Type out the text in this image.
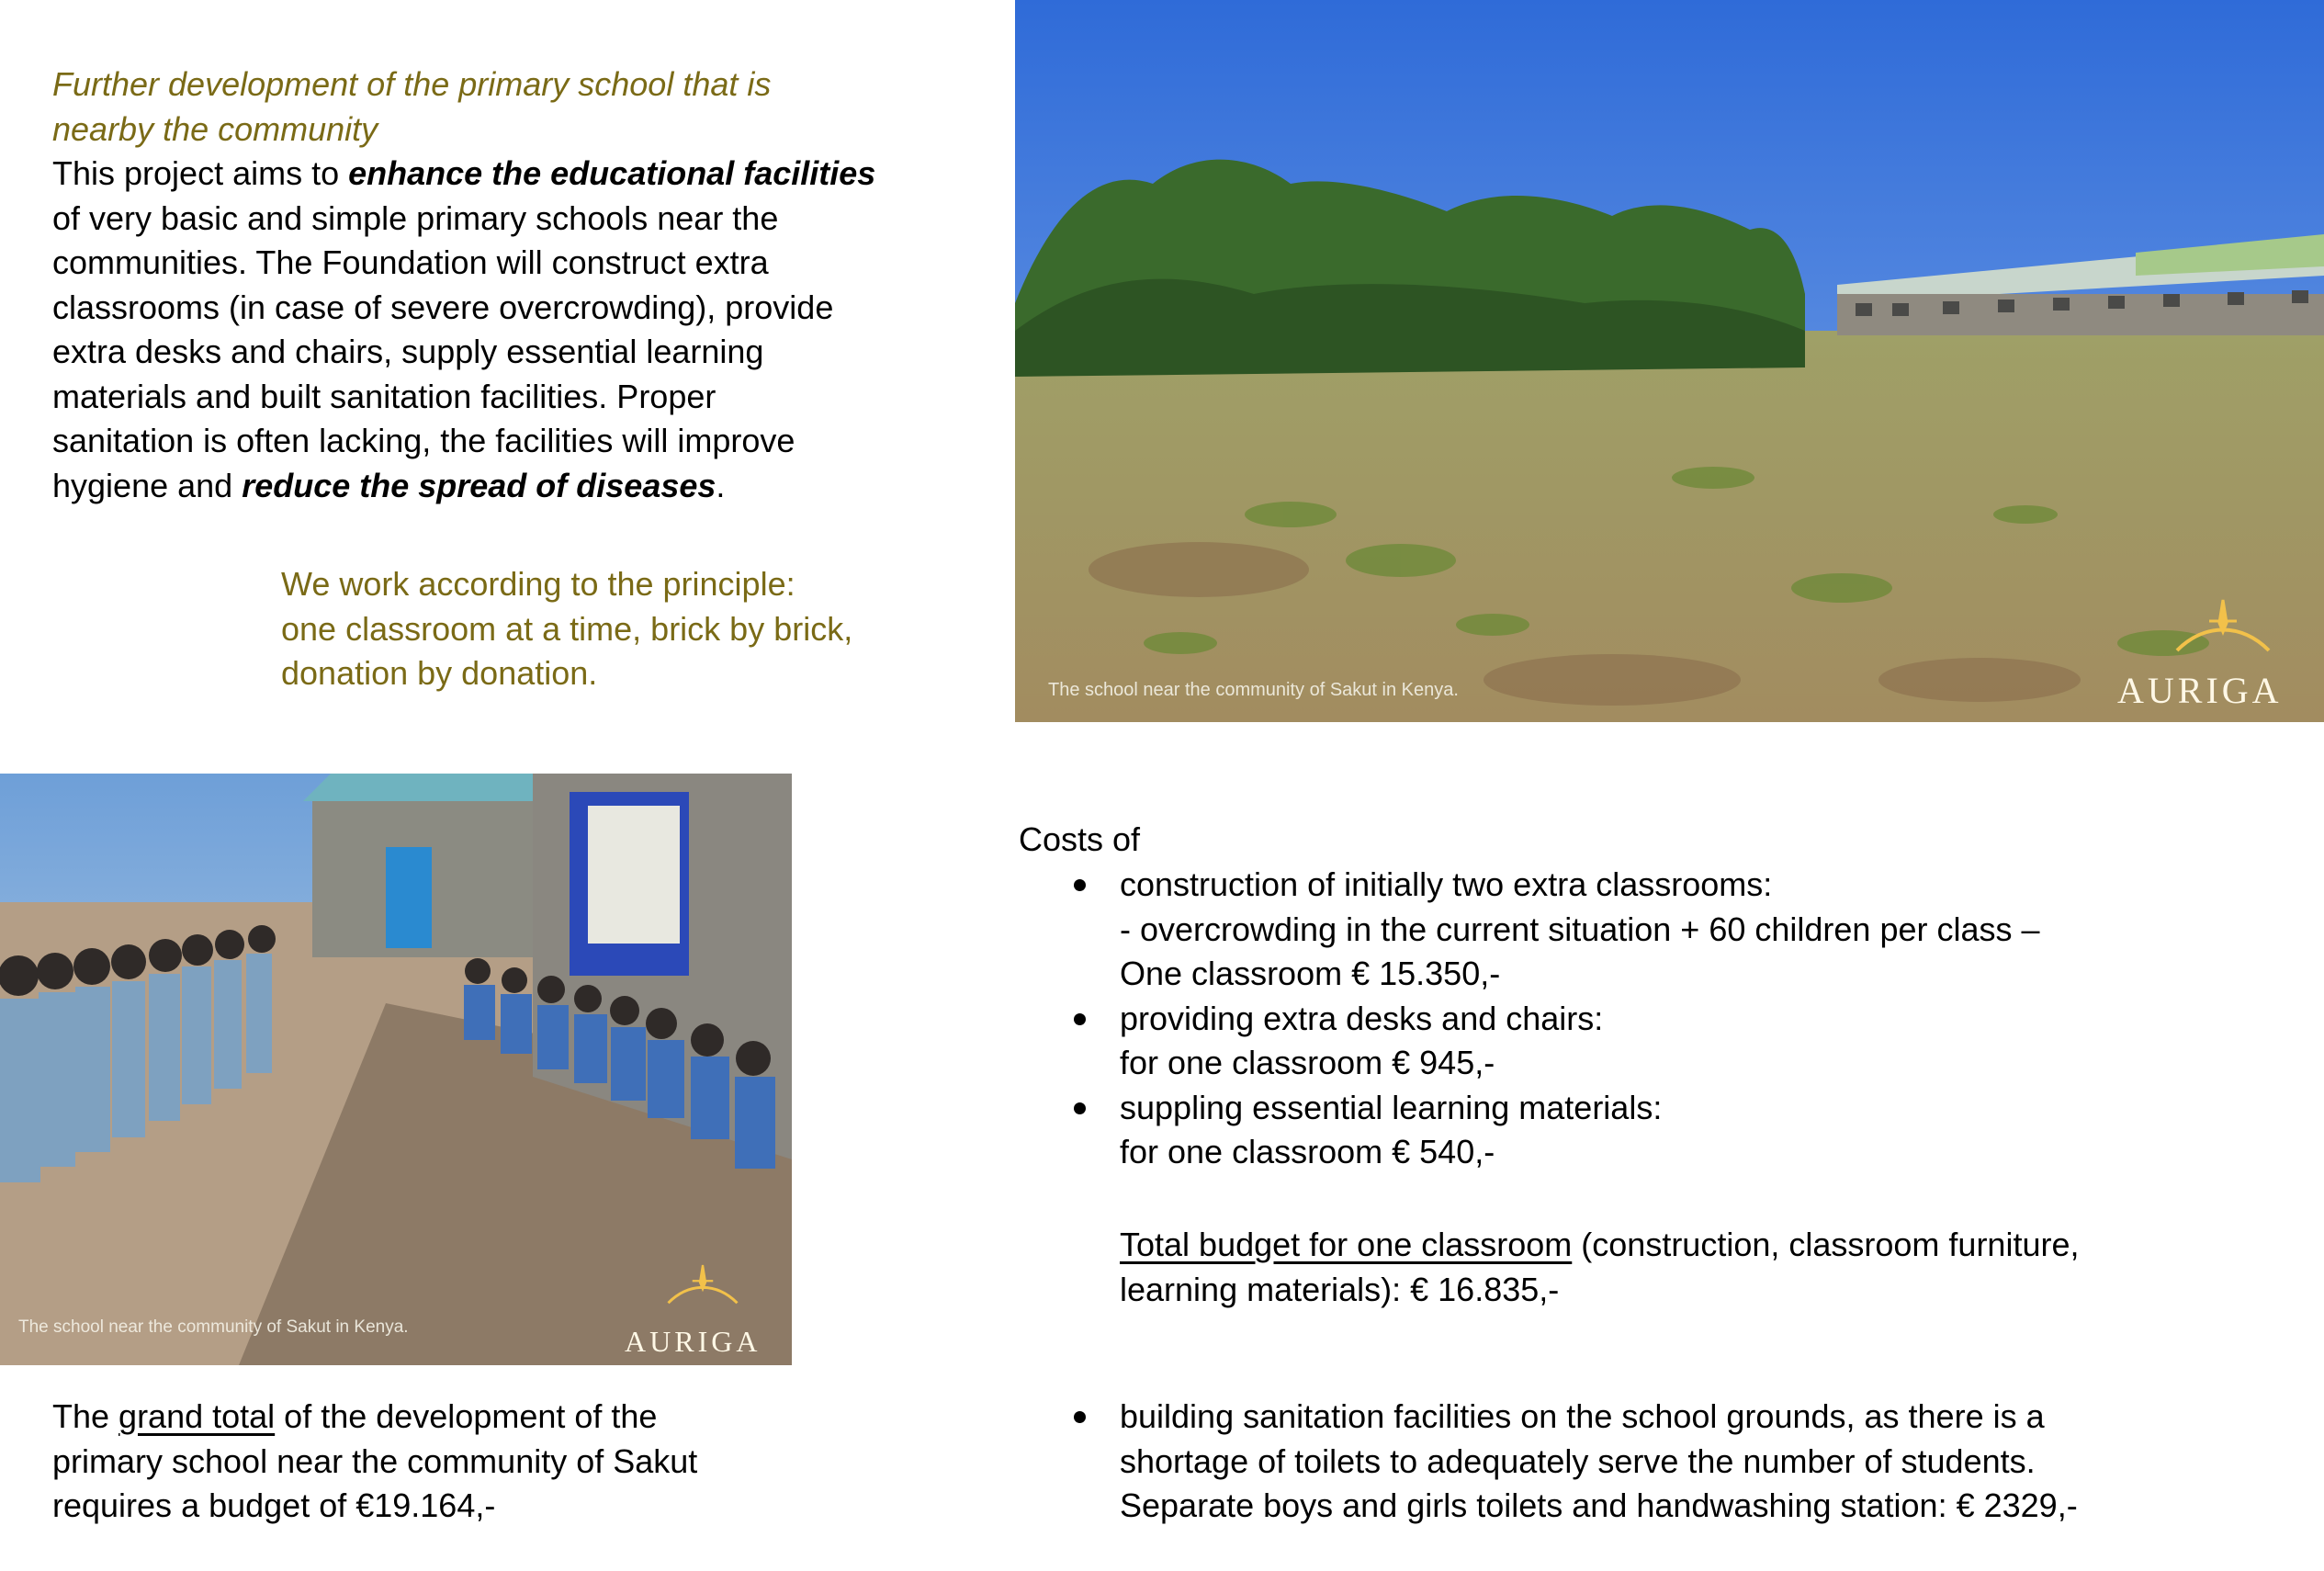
Further development of the primary school that is
nearby the community
This project aims to enhance the educational facilities
of very basic and simple primary schools near the
communities. The Foundation will construct extra
classrooms (in case of severe overcrowding), provide
extra desks and chairs, supply essential learning
materials and built sanitation facilities. Proper
sanitation is often lacking, the facilities will improve
hygiene and reduce the spread of diseases.
We work according to the principle:
one classroom at a time, brick by brick,
donation by donation.	The school near the community of Sakut in Kenya.	AURIGA
The school near the community of Sakut in Kenya.	AURIGA
Costs of
construction of initially two extra classrooms:
- overcrowding in the current situation + 60 children per class –
One classroom € 15.350,-
providing extra desks and chairs:
for one classroom € 945,-
suppling essential learning materials:
for one classroom € 540,-
Total budget for one classroom (construction, classroom furniture,
learning materials): € 16.835,-
building sanitation facilities on the school grounds, as there is a
shortage of toilets to adequately serve the number of students.
Separate boys and girls toilets and handwashing station: € 2329,-
The grand total of the development of the
primary school near the community of Sakut
requires a budget of €19.164,-
